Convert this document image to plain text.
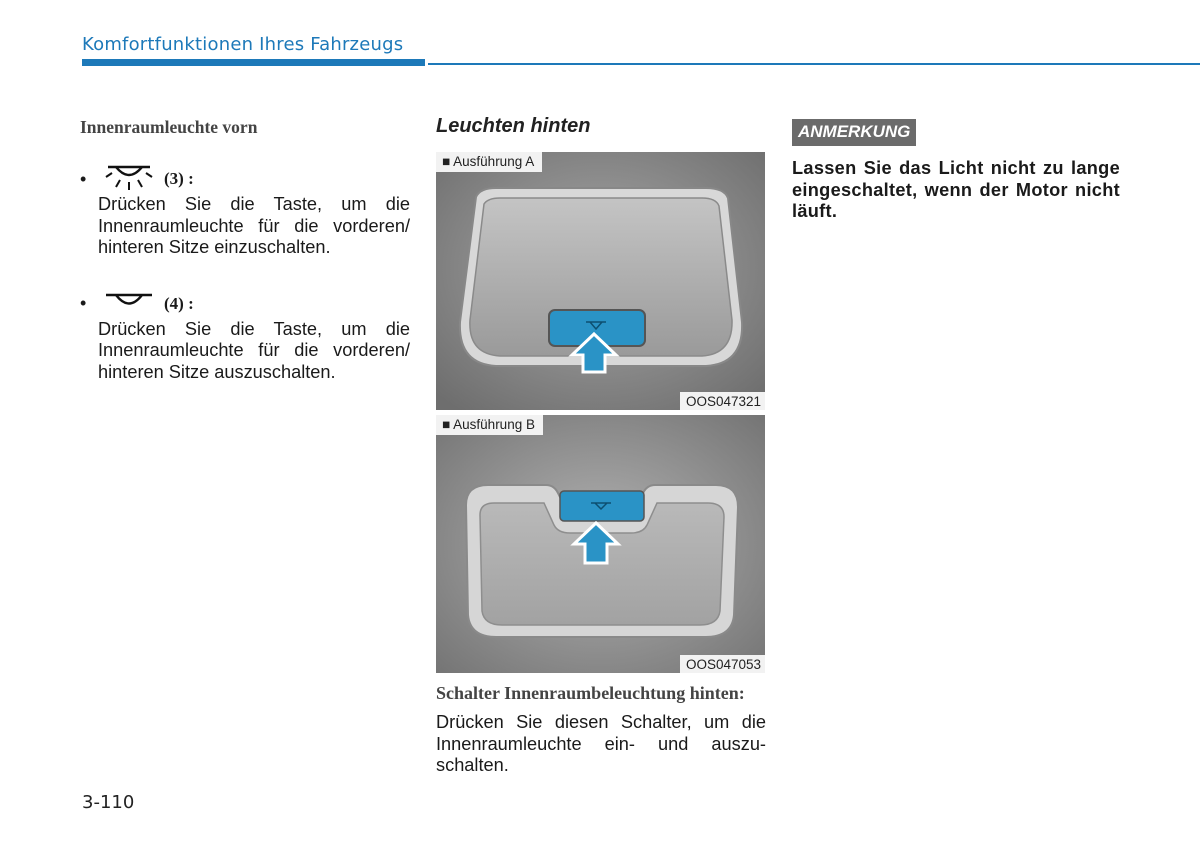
Komfortfunktionen Ihres Fahrzeugs
Innenraumleuchte vorn
•	(3) :
Drücken Sie die Taste, um die Innenraumleuchte für die vorderen/ hinteren Sitze einzuschalten.
•	(4) :
Drücken Sie die Taste, um die Innenraumleuchte für die vorderen/ hinteren Sitze auszuschalten.
Leuchten hinten
■ Ausführung A
OOS047321
■ Ausführung B
OOS047053
Schalter Innenraumbeleuchtung hinten:
Drücken Sie diesen Schalter, um die Innenraumleuchte ein- und auszu-schalten.
ANMERKUNG
Lassen Sie das Licht nicht zu lange eingeschaltet, wenn der Motor nicht läuft.
3-110
